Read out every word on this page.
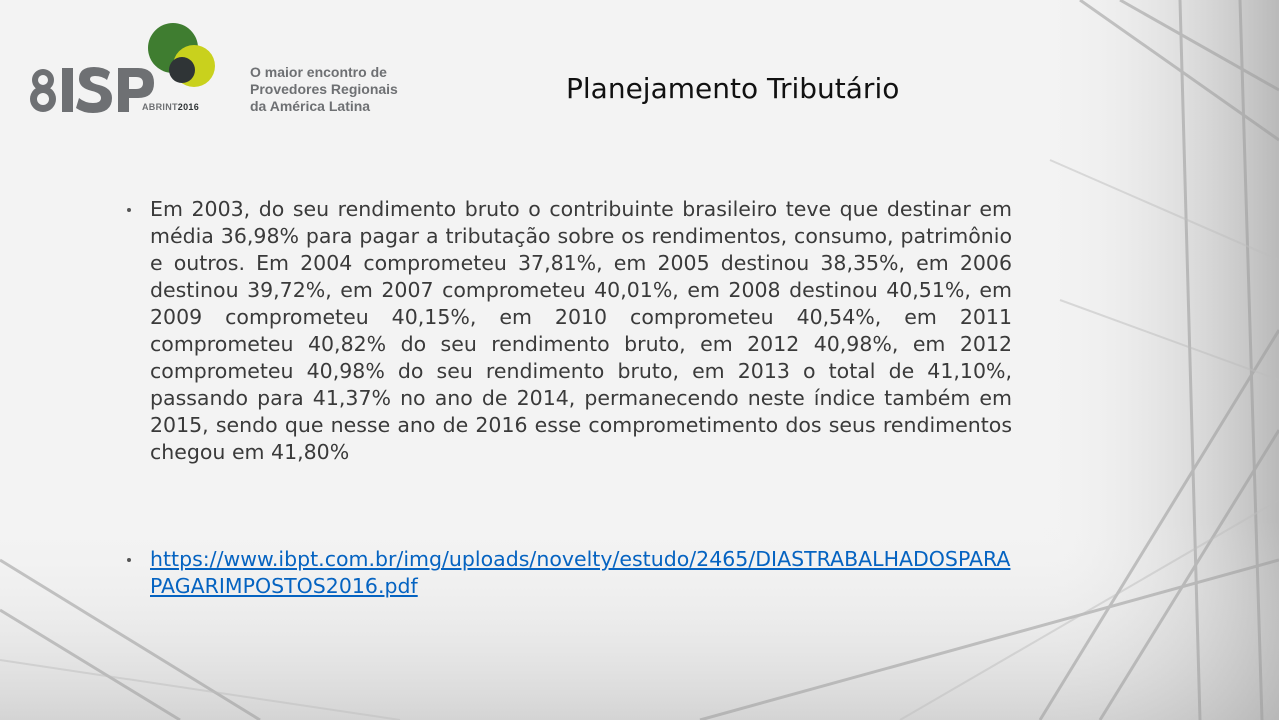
ABRINT2016
O maior encontro de
Provedores Regionais
da América Latina
Planejamento Tributário
Em 2003, do seu rendimento bruto o contribuinte brasileiro teve que destinar em média 36,98% para pagar a tributação sobre os rendimentos, consumo, patrimônio e outros. Em 2004 comprometeu 37,81%, em 2005 destinou 38,35%, em 2006 destinou 39,72%, em 2007 comprometeu 40,01%, em 2008 destinou 40,51%, em 2009 comprometeu 40,15%, em 2010 comprometeu 40,54%, em 2011 comprometeu 40,82% do seu rendimento bruto, em 2012 40,98%, em 2012 comprometeu 40,98% do seu rendimento bruto, em 2013 o total de 41,10%, passando para 41,37% no ano de 2014, permanecendo neste índice também em 2015, sendo que nesse ano de 2016 esse comprometimento dos seus rendimentos chegou em 41,80%
https://www.ibpt.com.br/img/uploads/novelty/estudo/2465/DIASTRABALHADOSPARAPAGARIMPOSTOS2016.pdf
